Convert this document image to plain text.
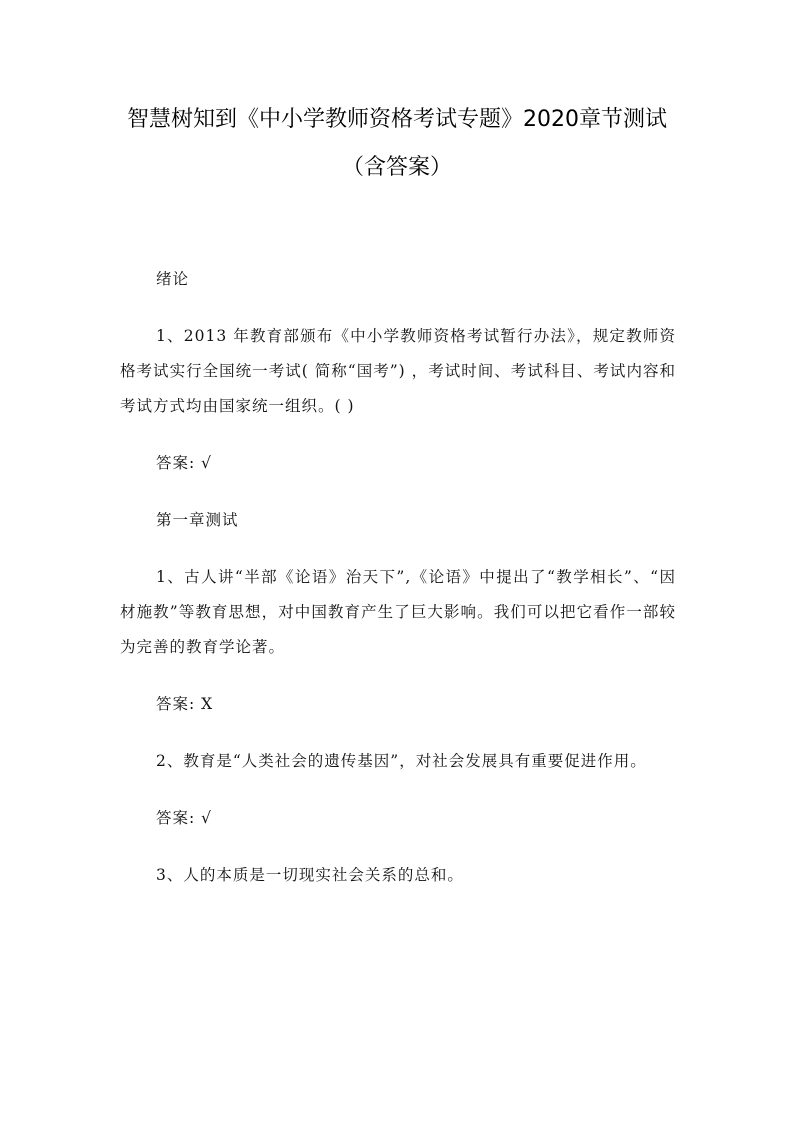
智慧树知到《中小学教师资格考试专题》2020章节测试（含答案）

绪论

1、2013 年教育部颁布《中小学教师资格考试暂行办法》，规定教师资格考试实行全国统一考试( 简称“国考”) ，考试时间、考试科目、考试内容和考试方式均由国家统一组织。( )

答案: √

第一章测试

1、古人讲“半部《论语》治天下”,《论语》中提出了“教学相长”、“因材施教”等教育思想，对中国教育产生了巨大影响。我们可以把它看作一部较为完善的教育学论著。

答案: X

2、教育是“人类社会的遗传基因”，对社会发展具有重要促进作用。

答案: √

3、人的本质是一切现实社会关系的总和。
